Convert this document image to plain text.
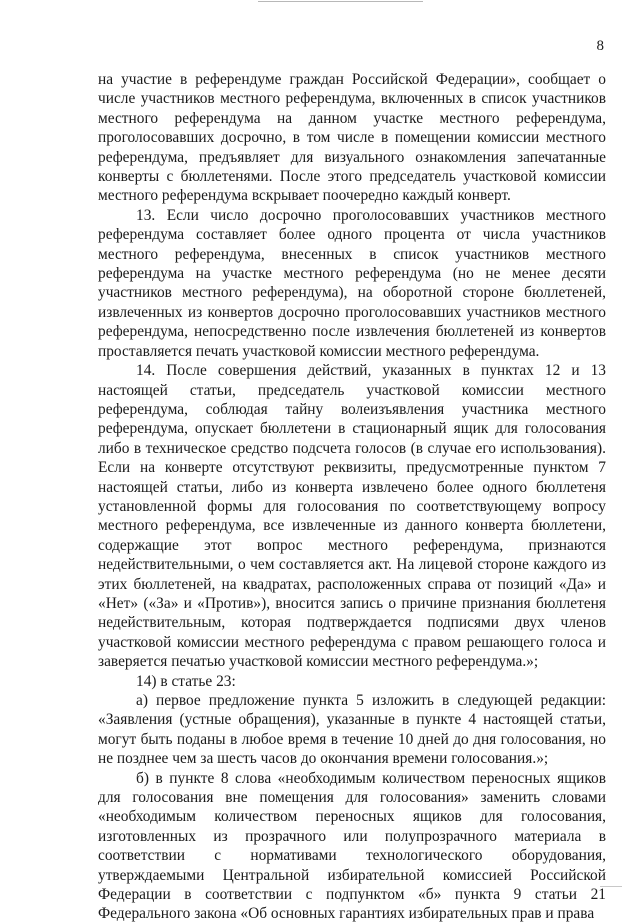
8

на участие в референдуме граждан Российской Федерации», сообщает о числе участников местного референдума, включенных в список участников местного референдума на данном участке местного референдума, проголосовавших досрочно, в том числе в помещении комиссии местного референдума, предъявляет для визуального ознакомления запечатанные конверты с бюллетенями. После этого председатель участковой комиссии местного референдума вскрывает поочередно каждый конверт.

13. Если число досрочно проголосовавших участников местного референдума составляет более одного процента от числа участников местного референдума, внесенных в список участников местного референдума на участке местного референдума (но не менее десяти участников местного референдума), на оборотной стороне бюллетеней, извлеченных из конвертов досрочно проголосовавших участников местного референдума, непосредственно после извлечения бюллетеней из конвертов проставляется печать участковой комиссии местного референдума.

14. После совершения действий, указанных в пунктах 12 и 13 настоящей статьи, председатель участковой комиссии местного референдума, соблюдая тайну волеизъявления участника местного референдума, опускает бюллетени в стационарный ящик для голосования либо в техническое средство подсчета голосов (в случае его использования). Если на конверте отсутствуют реквизиты, предусмотренные пунктом 7 настоящей статьи, либо из конверта извлечено более одного бюллетеня установленной формы для голосования по соответствующему вопросу местного референдума, все извлеченные из данного конверта бюллетени, содержащие этот вопрос местного референдума, признаются недействительными, о чем составляется акт. На лицевой стороне каждого из этих бюллетеней, на квадратах, расположенных справа от позиций «Да» и «Нет» («За» и «Против»), вносится запись о причине признания бюллетеня недействительным, которая подтверждается подписями двух членов участковой комиссии местного референдума с правом решающего голоса и заверяется печатью участковой комиссии местного референдума.»;

14) в статье 23:

а) первое предложение пункта 5 изложить в следующей редакции: «Заявления (устные обращения), указанные в пункте 4 настоящей статьи, могут быть поданы в любое время в течение 10 дней до дня голосования, но не позднее чем за шесть часов до окончания времени голосования.»;

б) в пункте 8 слова «необходимым количеством переносных ящиков для голосования вне помещения для голосования» заменить словами «необходимым количеством переносных ящиков для голосования, изготовленных из прозрачного или полупрозрачного материала в соответствии с нормативами технологического оборудования, утверждаемыми Центральной избирательной комиссией Российской Федерации в соответствии с подпунктом «б» пункта 9 статьи 21 Федерального закона «Об основных гарантиях избирательных прав и права
